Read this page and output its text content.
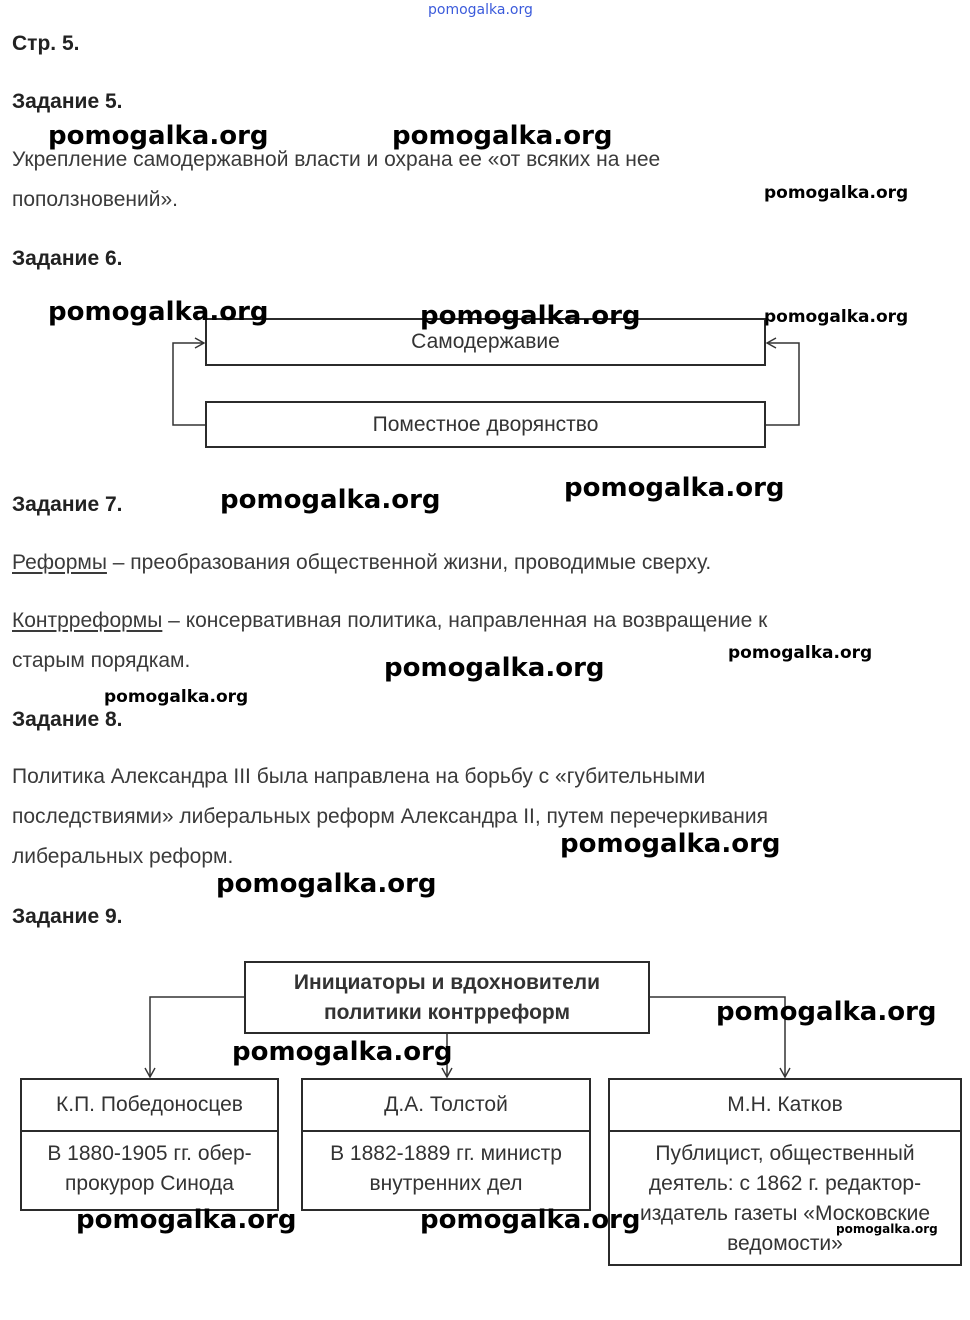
pomogalka.org
Стр. 5.
Задание 5.
Укрепление самодержавной власти и охрана ее «от всяких на нее
поползновений».
Задание 6.
Самодержавие
Поместное дворянство
Задание 7.
Реформы – преобразования общественной жизни, проводимые сверху.
Контрреформы – консервативная политика, направленная на возвращение к
старым порядкам.
Задание 8.
Политика Александра III была направлена на борьбу с «губительными
последствиями» либеральных реформ Александра II, путем перечеркивания
либеральных реформ.
Задание 9.
Инициаторы и вдохновители
политики контрреформ
К.П. Победоносцев
В 1880-1905 гг. обер-
прокурор Синода
Д.А. Толстой
В 1882-1889 гг. министр
внутренних дел
М.Н. Катков
Публицист, общественный
деятель: с 1862 г. редактор-
издатель газеты «Московские
ведомости»
pomogalka.org	pomogalka.org
pomogalka.org
pomogalka.org	pomogalka.org	pomogalka.org
pomogalka.org	pomogalka.org
pomogalka.org
pomogalka.org
pomogalka.org
pomogalka.org
pomogalka.org
pomogalka.org
pomogalka.org
pomogalka.org	pomogalka.org	pomogalka.org
